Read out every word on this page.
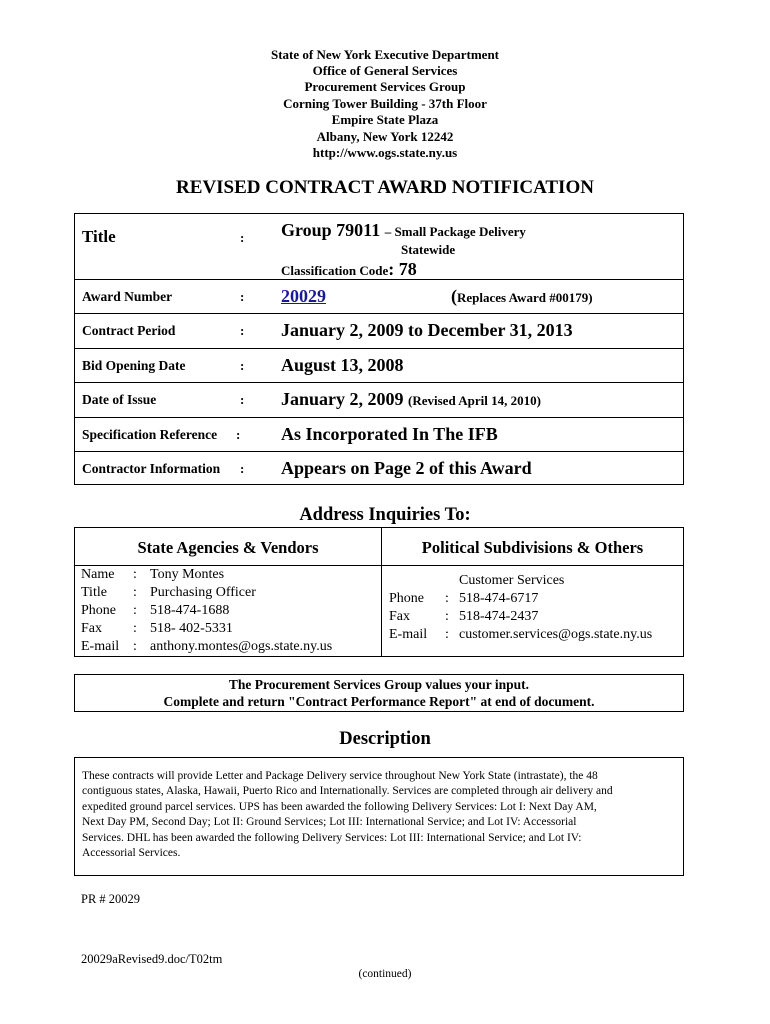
State of New York Executive Department
Office of General Services
Procurement Services Group
Corning Tower Building - 37th Floor
Empire State Plaza
Albany, New York 12242
http://www.ogs.state.ny.us
REVISED CONTRACT AWARD NOTIFICATION
Title	: Group 79011 – Small Package Delivery
Statewide
Classification Code: 78
Award Number	: 20029	(Replaces Award #00179)
Contract Period	: January 2, 2009 to December 31, 2013
Bid Opening Date	: August 13, 2008
Date of Issue	: January 2, 2009 (Revised April 14, 2010)
Specification Reference : As Incorporated In The IFB
Contractor Information : Appears on Page 2 of this Award
Address Inquiries To:
State Agencies & Vendors	Political Subdivisions & Others
Name : Tony Montes
Title : Purchasing Officer
Phone : 518-474-1688
Fax : 518- 402-5331
E-mail : anthony.montes@ogs.state.ny.us
Customer Services
Phone : 518-474-6717
Fax	: 518-474-2437
E-mail : customer.services@ogs.state.ny.us
The Procurement Services Group values your input.
Complete and return "Contract Performance Report" at end of document.
Description
These contracts will provide Letter and Package Delivery service throughout New York State (intrastate), the 48
contiguous states, Alaska, Hawaii, Puerto Rico and Internationally. Services are completed through air delivery and
expedited ground parcel services. UPS has been awarded the following Delivery Services: Lot I: Next Day AM,
Next Day PM, Second Day; Lot II: Ground Services; Lot III: International Service; and Lot IV: Accessorial
Services. DHL has been awarded the following Delivery Services: Lot III: International Service; and Lot IV:
Accessorial Services.
PR # 20029
20029aRevised9.doc/T02tm
(continued)
